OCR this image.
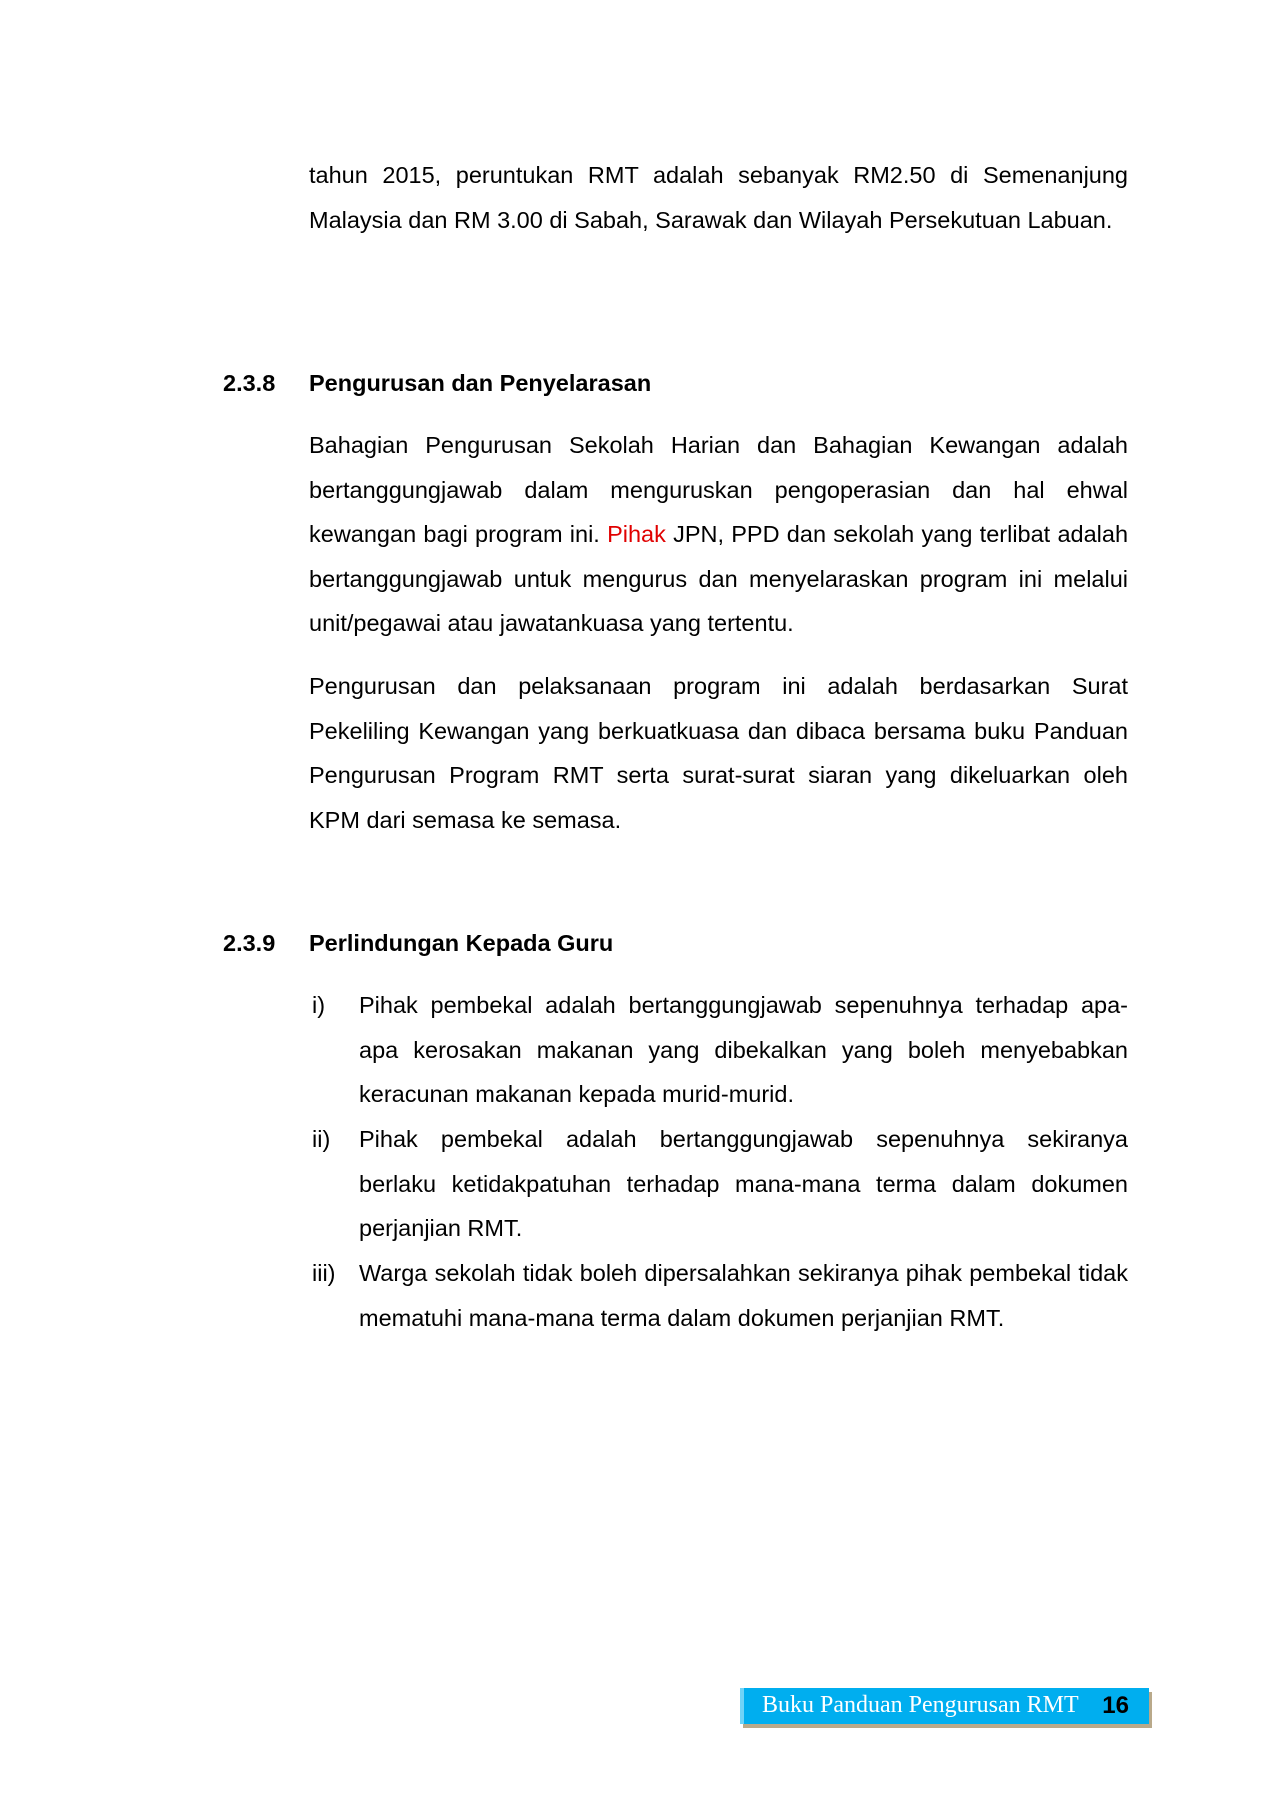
tahun 2015, peruntukan RMT adalah sebanyak RM2.50 di Semenanjung Malaysia dan RM 3.00 di Sabah, Sarawak dan Wilayah Persekutuan Labuan.

2.3.8 Pengurusan dan Penyelarasan

Bahagian Pengurusan Sekolah Harian dan Bahagian Kewangan adalah bertanggungjawab dalam menguruskan pengoperasian dan hal ehwal kewangan bagi program ini. Pihak JPN, PPD dan sekolah yang terlibat adalah bertanggungjawab untuk mengurus dan menyelaraskan program ini melalui unit/pegawai atau jawatankuasa yang tertentu.

Pengurusan dan pelaksanaan program ini adalah berdasarkan Surat Pekeliling Kewangan yang berkuatkuasa dan dibaca bersama buku Panduan Pengurusan Program RMT serta surat-surat siaran yang dikeluarkan oleh KPM dari semasa ke semasa.

2.3.9 Perlindungan Kepada Guru
i) Pihak pembekal adalah bertanggungjawab sepenuhnya terhadap apa-apa kerosakan makanan yang dibekalkan yang boleh menyebabkan keracunan makanan kepada murid-murid.
ii) Pihak pembekal adalah bertanggungjawab sepenuhnya sekiranya berlaku ketidakpatuhan terhadap mana-mana terma dalam dokumen perjanjian RMT.
iii) Warga sekolah tidak boleh dipersalahkan sekiranya pihak pembekal tidak mematuhi mana-mana terma dalam dokumen perjanjian RMT.
Buku Panduan Pengurusan RMT 16
